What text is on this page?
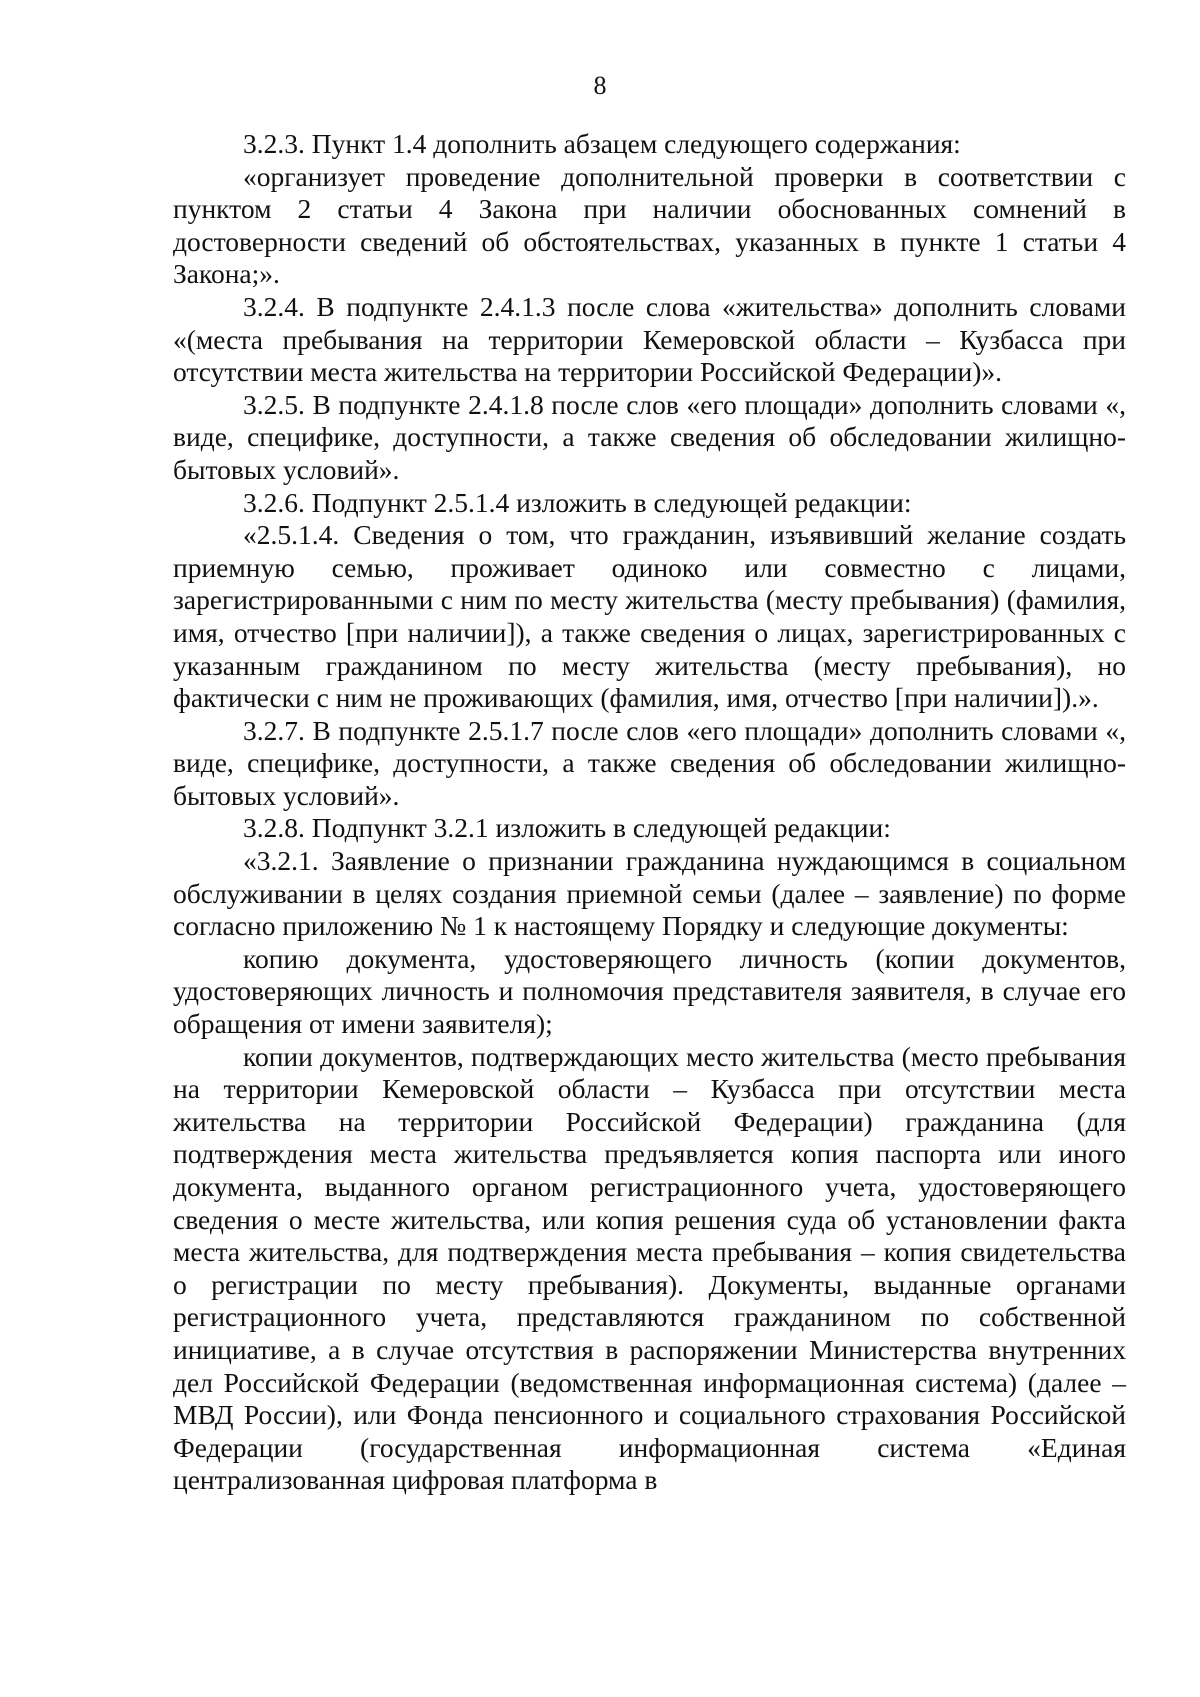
8

3.2.3. Пункт 1.4 дополнить абзацем следующего содержания:

«организует проведение дополнительной проверки в соответствии с пунктом 2 статьи 4 Закона при наличии обоснованных сомнений в достоверности сведений об обстоятельствах, указанных в пункте 1 статьи 4 Закона;».

3.2.4. В подпункте 2.4.1.3 после слова «жительства» дополнить словами «(места пребывания на территории Кемеровской области – Кузбасса при отсутствии места жительства на территории Российской Федерации)».

3.2.5. В подпункте 2.4.1.8 после слов «его площади» дополнить словами «, виде, специфике, доступности, а также сведения об обследовании жилищно-бытовых условий».

3.2.6. Подпункт 2.5.1.4 изложить в следующей редакции:

«2.5.1.4. Сведения о том, что гражданин, изъявивший желание создать приемную семью, проживает одиноко или совместно с лицами, зарегистрированными с ним по месту жительства (месту пребывания) (фамилия, имя, отчество [при наличии]), а также сведения о лицах, зарегистрированных с указанным гражданином по месту жительства (месту пребывания), но фактически с ним не проживающих (фамилия, имя, отчество [при наличии]).».

3.2.7. В подпункте 2.5.1.7 после слов «его площади» дополнить словами «, виде, специфике, доступности, а также сведения об обследовании жилищно-бытовых условий».

3.2.8. Подпункт 3.2.1 изложить в следующей редакции:

«3.2.1. Заявление о признании гражданина нуждающимся в социальном обслуживании в целях создания приемной семьи (далее – заявление) по форме согласно приложению № 1 к настоящему Порядку и следующие документы:

копию документа, удостоверяющего личность (копии документов, удостоверяющих личность и полномочия представителя заявителя, в случае его обращения от имени заявителя);

копии документов, подтверждающих место жительства (место пребывания на территории Кемеровской области – Кузбасса при отсутствии места жительства на территории Российской Федерации) гражданина (для подтверждения места жительства предъявляется копия паспорта или иного документа, выданного органом регистрационного учета, удостоверяющего сведения о месте жительства, или копия решения суда об установлении факта места жительства, для подтверждения места пребывания – копия свидетельства о регистрации по месту пребывания). Документы, выданные органами регистрационного учета, представляются гражданином по собственной инициативе, а в случае отсутствия в распоряжении Министерства внутренних дел Российской Федерации (ведомственная информационная система) (далее – МВД России), или Фонда пенсионного и социального страхования Российской Федерации (государственная информационная система «Единая централизованная цифровая платформа в
